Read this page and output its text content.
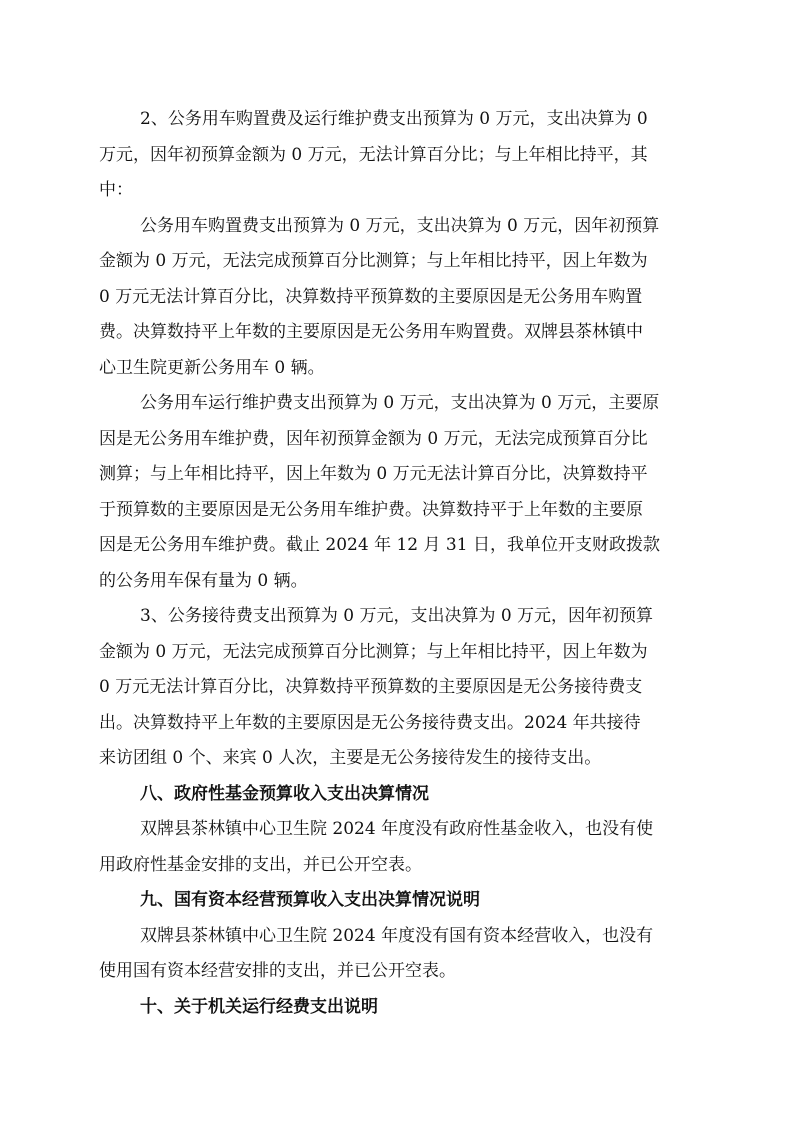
2、公务用车购置费及运行维护费支出预算为 0 万元，支出决算为 0
万元，因年初预算金额为 0 万元，无法计算百分比；与上年相比持平，其
中：
公务用车购置费支出预算为 0 万元，支出决算为 0 万元，因年初预算
金额为 0 万元，无法完成预算百分比测算；与上年相比持平，因上年数为
0 万元无法计算百分比，决算数持平预算数的主要原因是无公务用车购置
费。决算数持平上年数的主要原因是无公务用车购置费。双牌县茶林镇中
心卫生院更新公务用车 0 辆。
公务用车运行维护费支出预算为 0 万元，支出决算为 0 万元，主要原
因是无公务用车维护费，因年初预算金额为 0 万元，无法完成预算百分比
测算；与上年相比持平，因上年数为 0 万元无法计算百分比，决算数持平
于预算数的主要原因是无公务用车维护费。决算数持平于上年数的主要原
因是无公务用车维护费。截止 2024 年 12 月 31 日，我单位开支财政拨款
的公务用车保有量为 0 辆。
3、公务接待费支出预算为 0 万元，支出决算为 0 万元，因年初预算
金额为 0 万元，无法完成预算百分比测算；与上年相比持平，因上年数为
0 万元无法计算百分比，决算数持平预算数的主要原因是无公务接待费支
出。决算数持平上年数的主要原因是无公务接待费支出。2024 年共接待
来访团组 0 个、来宾 0 人次，主要是无公务接待发生的接待支出。
八、政府性基金预算收入支出决算情况
双牌县茶林镇中心卫生院 2024 年度没有政府性基金收入，也没有使
用政府性基金安排的支出，并已公开空表。
九、国有资本经营预算收入支出决算情况说明
双牌县茶林镇中心卫生院 2024 年度没有国有资本经营收入，也没有
使用国有资本经营安排的支出，并已公开空表。
十、关于机关运行经费支出说明
